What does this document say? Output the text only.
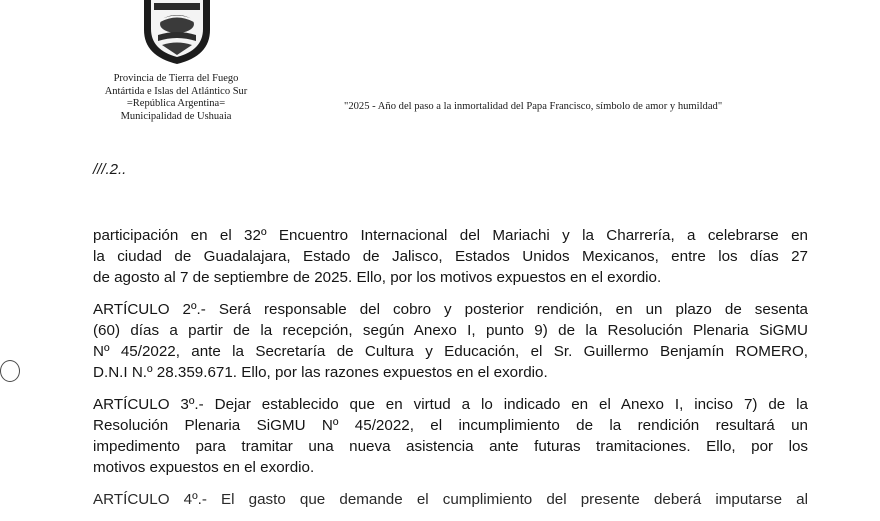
Provincia de Tierra del Fuego
Antártida e Islas del Atlántico Sur
=República Argentina=
Municipalidad de Ushuaia
"2025 - Año del paso a la inmortalidad del Papa Francisco, símbolo de amor y humildad"
///.2..
participación en el 32º Encuentro Internacional del Mariachi y la Charrería, a celebrarse en
la ciudad de Guadalajara, Estado de Jalisco, Estados Unidos Mexicanos, entre los días 27
de agosto al 7 de septiembre de 2025. Ello, por los motivos expuestos en el exordio.
ARTÍCULO 2º.- Será responsable del cobro y posterior rendición, en un plazo de sesenta
(60) días a partir de la recepción, según Anexo I, punto 9) de la Resolución Plenaria SiGMU
Nº 45/2022, ante la Secretaría de Cultura y Educación, el Sr. Guillermo Benjamín ROMERO,
D.N.I N.º 28.359.671. Ello, por las razones expuestos en el exordio.
ARTÍCULO 3º.- Dejar establecido que en virtud a lo indicado en el Anexo I, inciso 7) de la
Resolución Plenaria SiGMU Nº 45/2022, el incumplimiento de la rendición resultará un
impedimento para tramitar una nueva asistencia ante futuras tramitaciones. Ello, por los
motivos expuestos en el exordio.
ARTÍCULO 4º.- El gasto que demande el cumplimiento del presente deberá imputarse al
